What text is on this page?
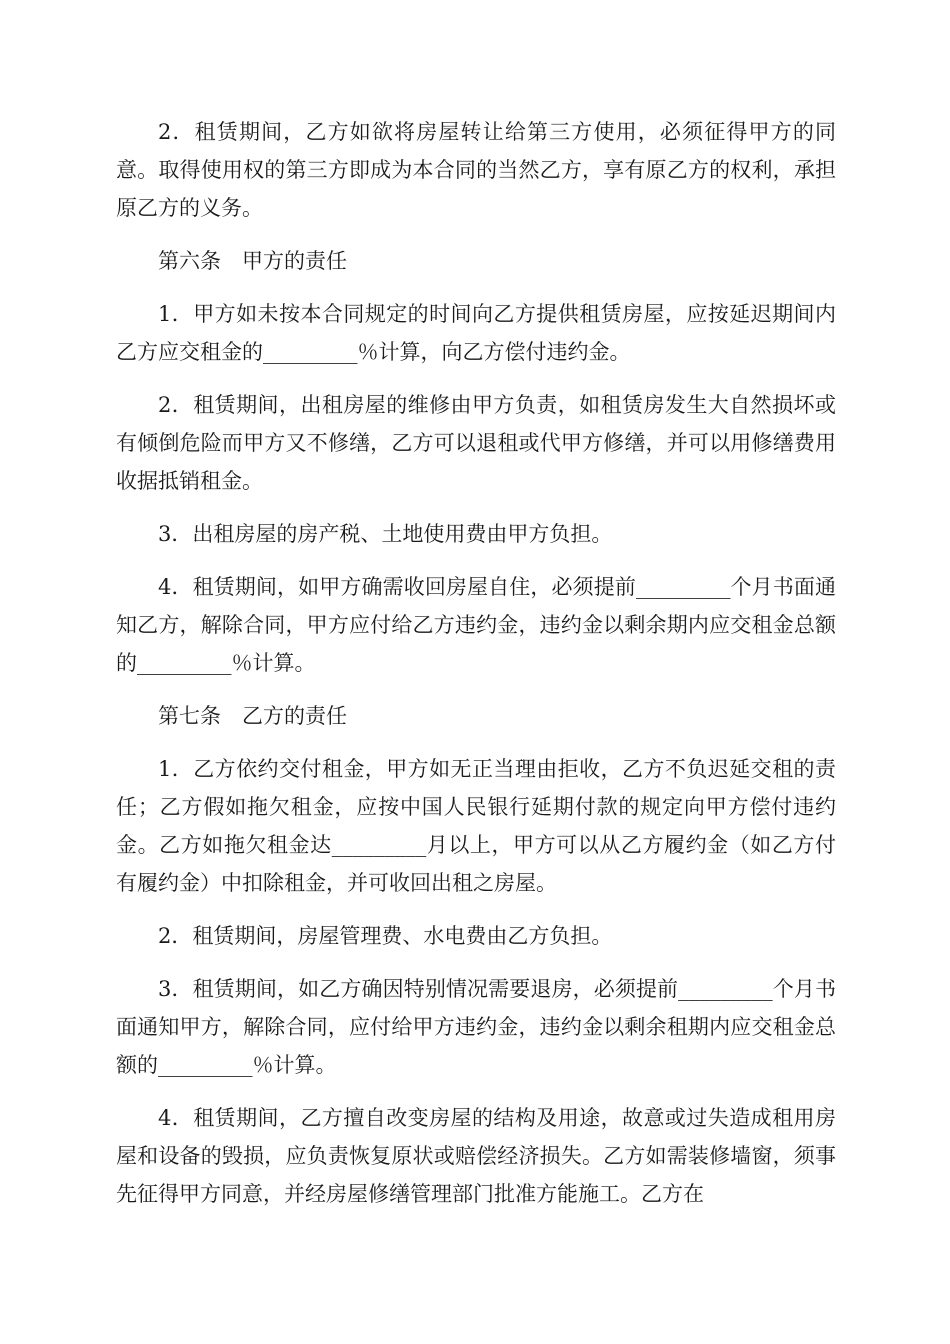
2．租赁期间，乙方如欲将房屋转让给第三方使用，必须征得甲方的同意。取得使用权的第三方即成为本合同的当然乙方，享有原乙方的权利，承担原乙方的义务。

第六条　甲方的责任

1．甲方如未按本合同规定的时间向乙方提供租赁房屋，应按延迟期间内乙方应交租金的_________％计算，向乙方偿付违约金。

2．租赁期间，出租房屋的维修由甲方负责，如租赁房发生大自然损坏或有倾倒危险而甲方又不修缮，乙方可以退租或代甲方修缮，并可以用修缮费用收据抵销租金。

3．出租房屋的房产税、土地使用费由甲方负担。

4．租赁期间，如甲方确需收回房屋自住，必须提前_________个月书面通知乙方，解除合同，甲方应付给乙方违约金，违约金以剩余期内应交租金总额的_________％计算。

第七条　乙方的责任

1．乙方依约交付租金，甲方如无正当理由拒收，乙方不负迟延交租的责任；乙方假如拖欠租金，应按中国人民银行延期付款的规定向甲方偿付违约金。乙方如拖欠租金达_________月以上，甲方可以从乙方履约金（如乙方付有履约金）中扣除租金，并可收回出租之房屋。

2．租赁期间，房屋管理费、水电费由乙方负担。

3．租赁期间，如乙方确因特别情况需要退房，必须提前_________个月书面通知甲方，解除合同，应付给甲方违约金，违约金以剩余租期内应交租金总额的_________％计算。

4．租赁期间，乙方擅自改变房屋的结构及用途，故意或过失造成租用房屋和设备的毁损，应负责恢复原状或赔偿经济损失。乙方如需装修墙窗，须事先征得甲方同意，并经房屋修缮管理部门批准方能施工。乙方在
